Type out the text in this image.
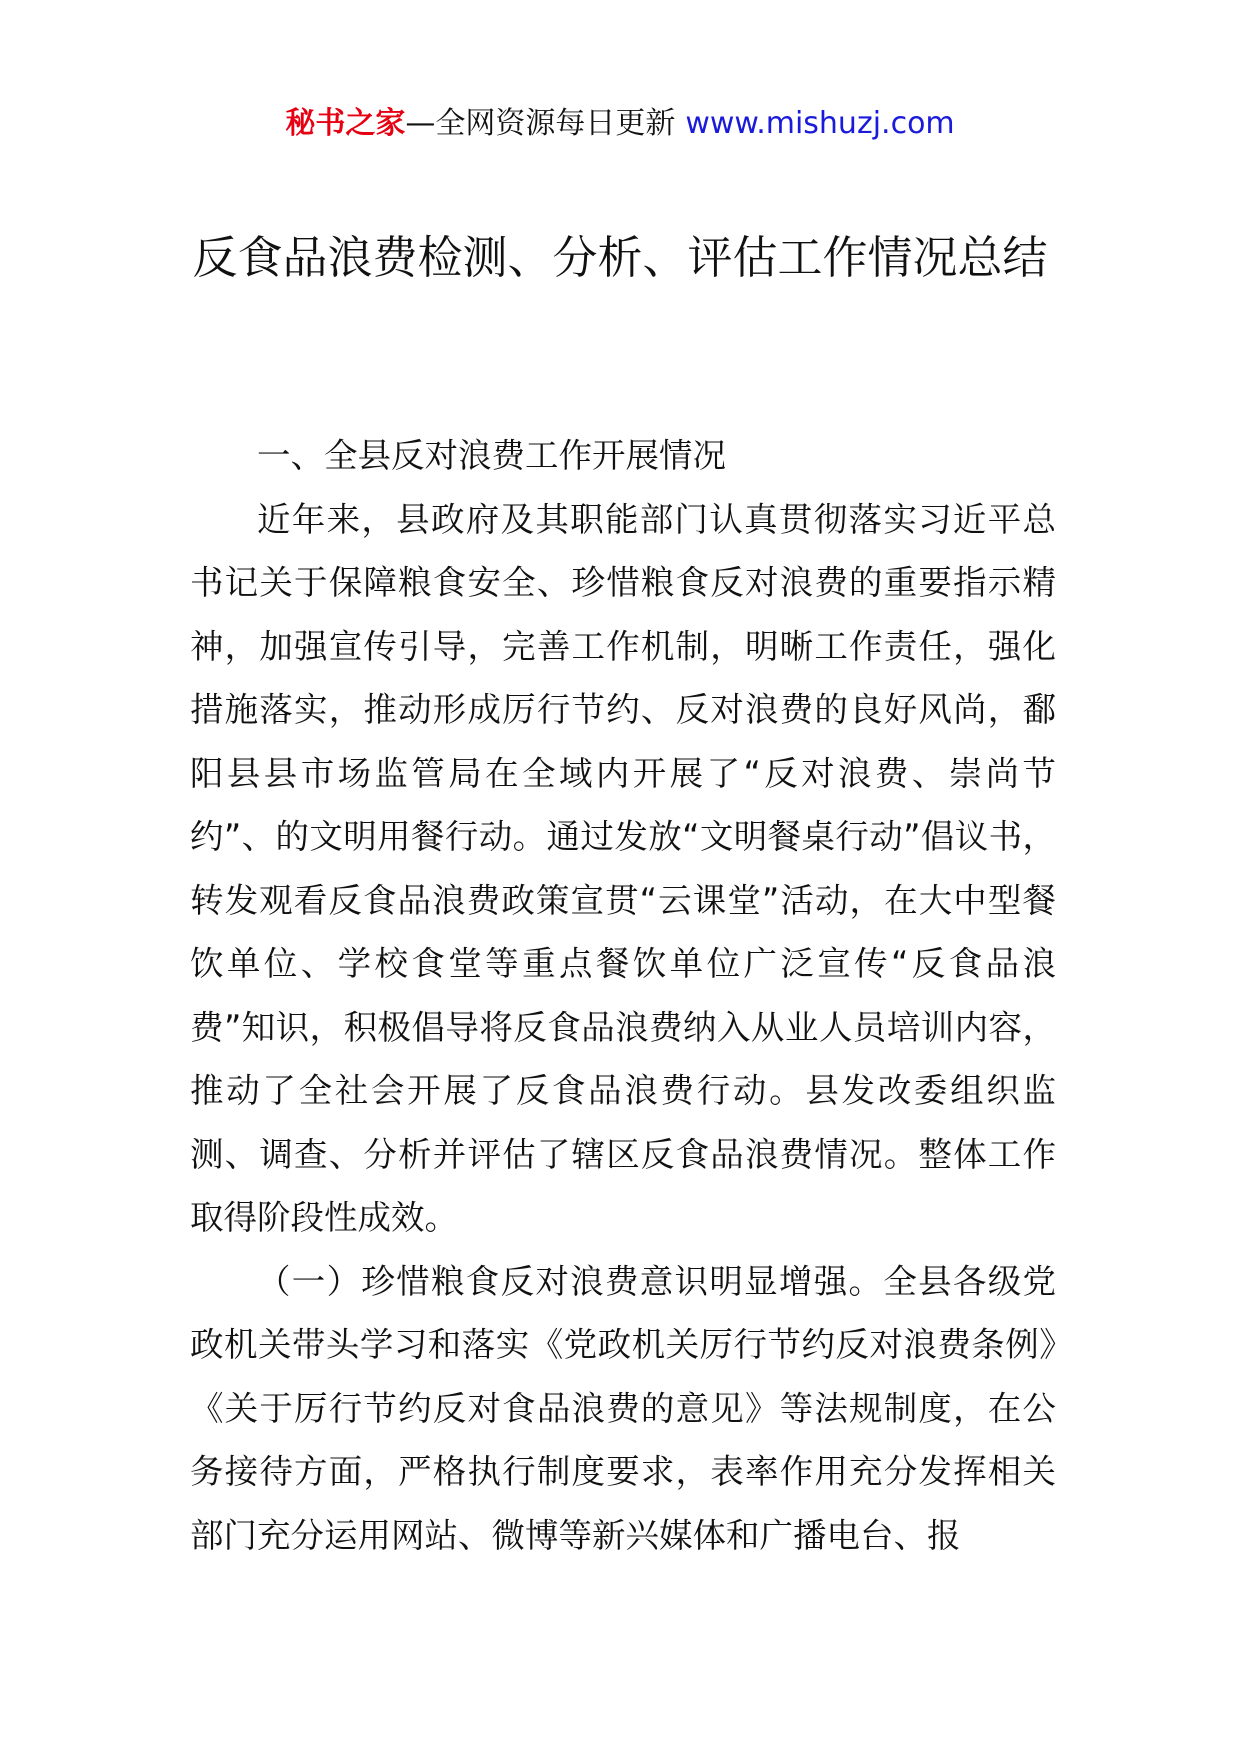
秘书之家—全网资源每日更新 www.mishuzj.com
反食品浪费检测、分析、评估工作情况总结

一、全县反对浪费工作开展情况

近年来，县政府及其职能部门认真贯彻落实习近平总书记关于保障粮食安全、珍惜粮食反对浪费的重要指示精神，加强宣传引导，完善工作机制，明晰工作责任，强化措施落实，推动形成厉行节约、反对浪费的良好风尚，鄱阳县县市场监管局在全域内开展了“反对浪费、崇尚节约”、的文明用餐行动。通过发放“文明餐桌行动”倡议书，转发观看反食品浪费政策宣贯“云课堂”活动，在大中型餐饮单位、学校食堂等重点餐饮单位广泛宣传“反食品浪费”知识，积极倡导将反食品浪费纳入从业人员培训内容，推动了全社会开展了反食品浪费行动。县发改委组织监测、调查、分析并评估了辖区反食品浪费情况。整体工作取得阶段性成效。

（一）珍惜粮食反对浪费意识明显增强。全县各级党政机关带头学习和落实《党政机关厉行节约反对浪费条例》《关于厉行节约反对食品浪费的意见》等法规制度，在公务接待方面，严格执行制度要求，表率作用充分发挥相关部门充分运用网站、微博等新兴媒体和广播电台、报
